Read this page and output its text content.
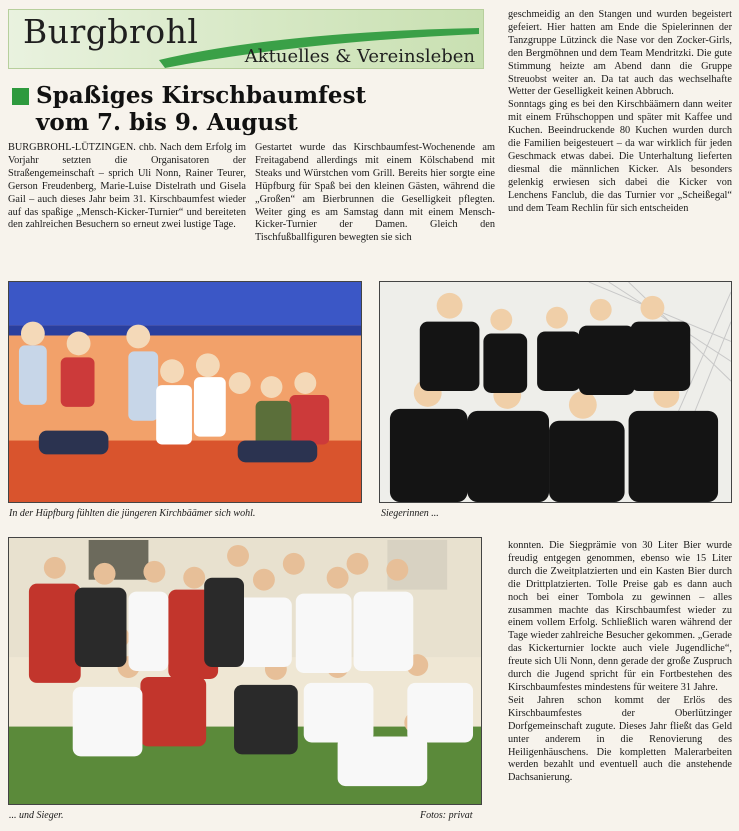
Burgbrohl
Aktuelles & Vereinsleben
Spaßiges Kirschbaumfest
vom 7. bis 9. August

BURGBROHL-LÜTZINGEN. chb. Nach dem Erfolg im Vorjahr setzten die Organisatoren der Straßengemeinschaft – sprich Uli Nonn, Rainer Teurer, Gerson Freudenberg, Marie-Luise Distelrath und Gisela Gail – auch dieses Jahr beim 31. Kirschbaumfest wieder auf das spaßige „Mensch-Kicker-Turnier“ und bereiteten den zahlreichen Besuchern so erneut zwei lustige Tage.

Gestartet wurde das Kirschbaumfest-Wochenende am Freitagabend allerdings mit einem Kölschabend mit Steaks und Würstchen vom Grill. Bereits hier sorgte eine Hüpfburg für Spaß bei den kleinen Gästen, während die „Großen“ am Bierbrunnen die Geselligkeit pflegten. Weiter ging es am Samstag dann mit einem Mensch-Kicker-Turnier der Damen. Gleich den Tischfußballfiguren bewegten sie sich

geschmeidig an den Stangen und wurden begeistert gefeiert. Hier hatten am Ende die Spielerinnen der Tanzgruppe Lützinck die Nase vor den Zocker-Girls, den Bergmöhnen und dem Team Mendritzki. Die gute Stimmung heizte am Abend dann die Gruppe Streuobst weiter an. Da tat auch das wechselhafte Wetter der Geselligkeit keinen Abbruch.

Sonntags ging es bei den Kirschbäämern dann weiter mit einem Frühschoppen und später mit Kaffee und Kuchen. Beeindruckende 80 Kuchen wurden durch die Familien beigesteuert – da war wirklich für jeden Geschmack etwas dabei. Die Unterhaltung lieferten diesmal die männlichen Kicker. Als besonders gelenkig erwiesen sich dabei die Kicker von Lenchens Fanclub, die das Turnier vor „Scheißegal“ und dem Team Rechlin für sich entscheiden

konnten. Die Siegprämie von 30 Liter Bier wurde freudig entgegen genommen, ebenso wie 15 Liter durch die Zweitplatzierten und ein Kasten Bier durch die Drittplatzierten. Tolle Preise gab es dann auch noch bei einer Tombola zu gewinnen – alles zusammen machte das Kirschbaumfest wieder zu einem vollem Erfolg. Schließlich waren während der Tage wieder zahlreiche Besucher gekommen. „Gerade das Kickerturnier lockte auch viele Jugendliche“, freute sich Uli Nonn, denn gerade der große Zuspruch durch die Jugend spricht für ein Fortbestehen des Kirschbaumfestes mindestens für weitere 31 Jahre.

Seit Jahren schon kommt der Erlös des Kirschbaumfestes der Oberlützinger Dorfgemeinschaft zugute. Dieses Jahr fließt das Geld unter anderem in die Renovierung des Heiligenhäuschens. Die kompletten Malerarbeiten werden bezahlt und eventuell auch die anstehende Dachsanierung.

In der Hüpfburg fühlten die jüngeren Kirchbäämer sich wohl.	Siegerinnen ...
... und Sieger.	Fotos: privat
